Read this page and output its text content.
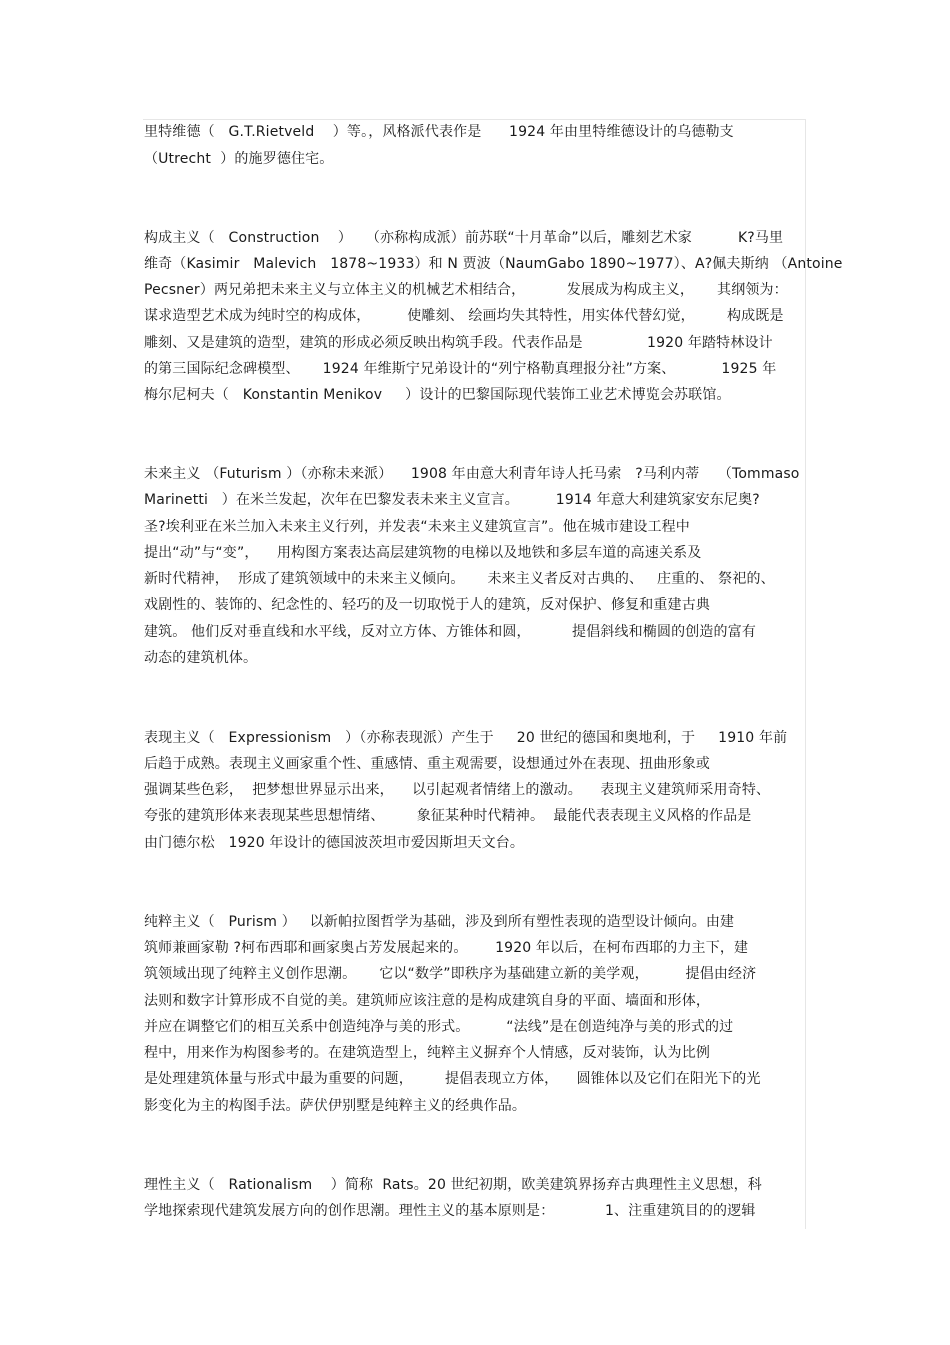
里特维德（   G.T.Rietveld    ）等。，风格派代表作是      1924 年由里特维德设计的乌德勒支
（Utrecht  ）的施罗德住宅。
构成主义（   Construction    ）   （亦称构成派）前苏联“十月革命”以后，雕刻艺术家          K?马里
维奇（Kasimir   Malevich   1878~1933）和 N 贾波（NaumGabo 1890~1977）、A?佩夫斯纳 （Antoine
Pecsner）两兄弟把未来主义与立体主义的机械艺术相结合，         发展成为构成主义，     其纲领为：
谋求造型艺术成为纯时空的构成体，        使雕刻、 绘画均失其特性，用实体代替幻觉，       构成既是
雕刻、又是建筑的造型，建筑的形成必须反映出构筑手段。代表作品是              1920 年踏特林设计
的第三国际纪念碑模型、     1924 年维斯宁兄弟设计的“列宁格勒真理报分社”方案、          1925 年
梅尔尼柯夫（   Konstantin Menikov     ）设计的巴黎国际现代装饰工业艺术博览会苏联馆。
未来主义 （Futurism ）（亦称未来派）    1908 年由意大利青年诗人托马索   ?马利内蒂    （Tommaso
Marinetti   ）在米兰发起，次年在巴黎发表未来主义宣言。        1914 年意大利建筑家安东尼奥?
圣?埃利亚在米兰加入未来主义行列，并发表“未来主义建筑宣言”。他在城市建设工程中
提出“动”与“变”，    用构图方案表达高层建筑物的电梯以及地铁和多层车道的高速关系及
新时代精神，  形成了建筑领域中的未来主义倾向。     未来主义者反对古典的、   庄重的、 祭祀的、
戏剧性的、装饰的、纪念性的、轻巧的及一切取悦于人的建筑，反对保护、修复和重建古典
建筑。 他们反对垂直线和水平线，反对立方体、方锥体和圆，         提倡斜线和椭圆的创造的富有
动态的建筑机体。
表现主义（   Expressionism   ）（亦称表现派）产生于     20 世纪的德国和奥地利，于     1910 年前
后趋于成熟。表现主义画家重个性、重感情、重主观需要，设想通过外在表现、扭曲形象或
强调某些色彩，  把梦想世界显示出来，    以引起观者情绪上的激动。    表现主义建筑师采用奇特、
夸张的建筑形体来表现某些思想情绪、       象征某种时代精神。  最能代表表现主义风格的作品是
由门德尔松   1920 年设计的德国波茨坦市爱因斯坦天文台。
纯粹主义（   Purism ）   以新帕拉图哲学为基础，涉及到所有塑性表现的造型设计倾向。由建
筑师兼画家勒 ?柯布西耶和画家奥占芳发展起来的。      1920 年以后，在柯布西耶的力主下，建
筑领域出现了纯粹主义创作思潮。     它以“数学”即秩序为基础建立新的美学观，        提倡由经济
法则和数字计算形成不自觉的美。建筑师应该注意的是构成建筑自身的平面、墙面和形体，
并应在调整它们的相互关系中创造纯净与美的形式。        “法线”是在创造纯净与美的形式的过
程中，用来作为构图参考的。在建筑造型上，纯粹主义摒弃个人情感，反对装饰，认为比例
是处理建筑体量与形式中最为重要的问题，       提倡表现立方体，    圆锥体以及它们在阳光下的光
影变化为主的构图手法。萨伏伊别墅是纯粹主义的经典作品。
理性主义（   Rationalism    ）简称  Rats。20 世纪初期，欧美建筑界扬弃古典理性主义思想，科
学地探索现代建筑发展方向的创作思潮。理性主义的基本原则是：           1、注重建筑目的的逻辑
